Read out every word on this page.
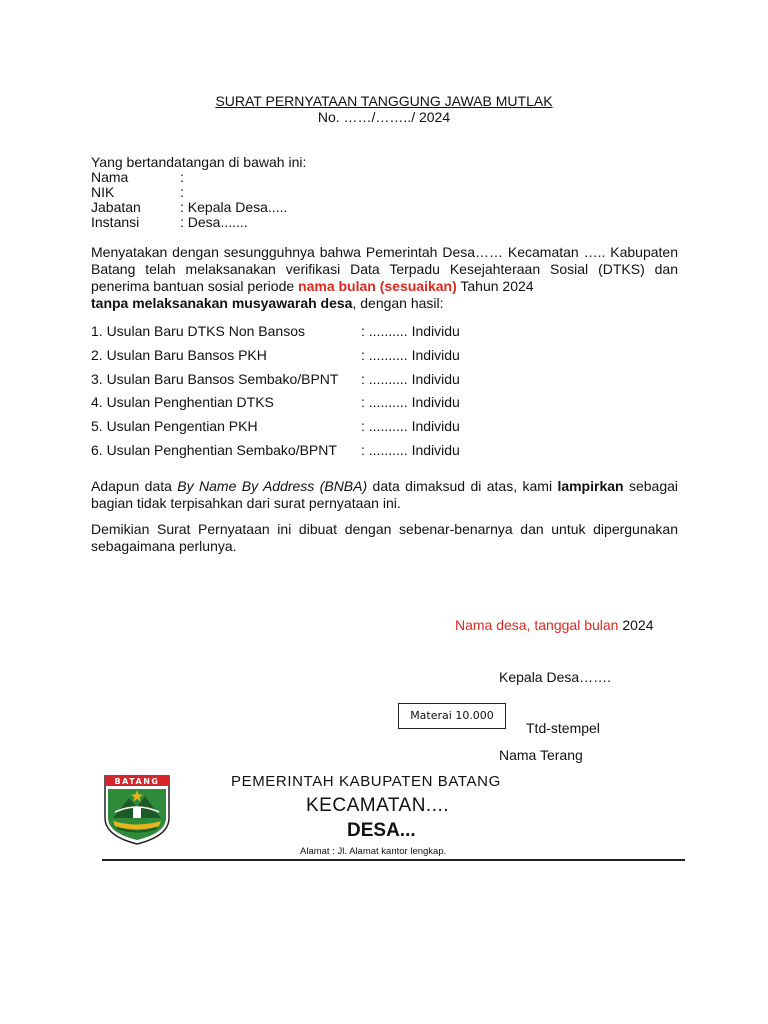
SURAT PERNYATAAN TANGGUNG JAWAB MUTLAK
No. ……/……../ 2024
Yang bertandatangan di bawah ini:
Nama	:
NIK	:
Jabatan	: Kepala Desa.....
Instansi	: Desa.......
Menyatakan dengan sesungguhnya bahwa Pemerintah Desa…… Kecamatan ….. Kabupaten Batang telah melaksanakan verifikasi Data Terpadu Kesejahteraan Sosial (DTKS) dan penerima bantuan sosial periode nama bulan (sesuaikan) Tahun 2024
tanpa melaksanakan musyawarah desa, dengan hasil:
1. Usulan Baru DTKS Non Bansos	: .......... Individu
2. Usulan Baru Bansos PKH	: .......... Individu
3. Usulan Baru Bansos Sembako/BPNT : .......... Individu
4. Usulan Penghentian DTKS	: .......... Individu
5. Usulan Pengentian PKH	: .......... Individu
6. Usulan Penghentian Sembako/BPNT : .......... Individu
Adapun data By Name By Address (BNBA) data dimaksud di atas, kami lampirkan sebagai bagian tidak terpisahkan dari surat pernyataan ini.
Demikian Surat Pernyataan ini dibuat dengan sebenar-benarnya dan untuk dipergunakan sebagaimana perlunya.
Nama desa, tanggal bulan 2024
Kepala Desa…….
Materai 10.000
Ttd-stempel
Nama Terang
BATANG	PEMERINTAH KABUPATEN BATANG
KECAMATAN....
DESA...
Alamat : Jl. Alamat kantor lengkap.
